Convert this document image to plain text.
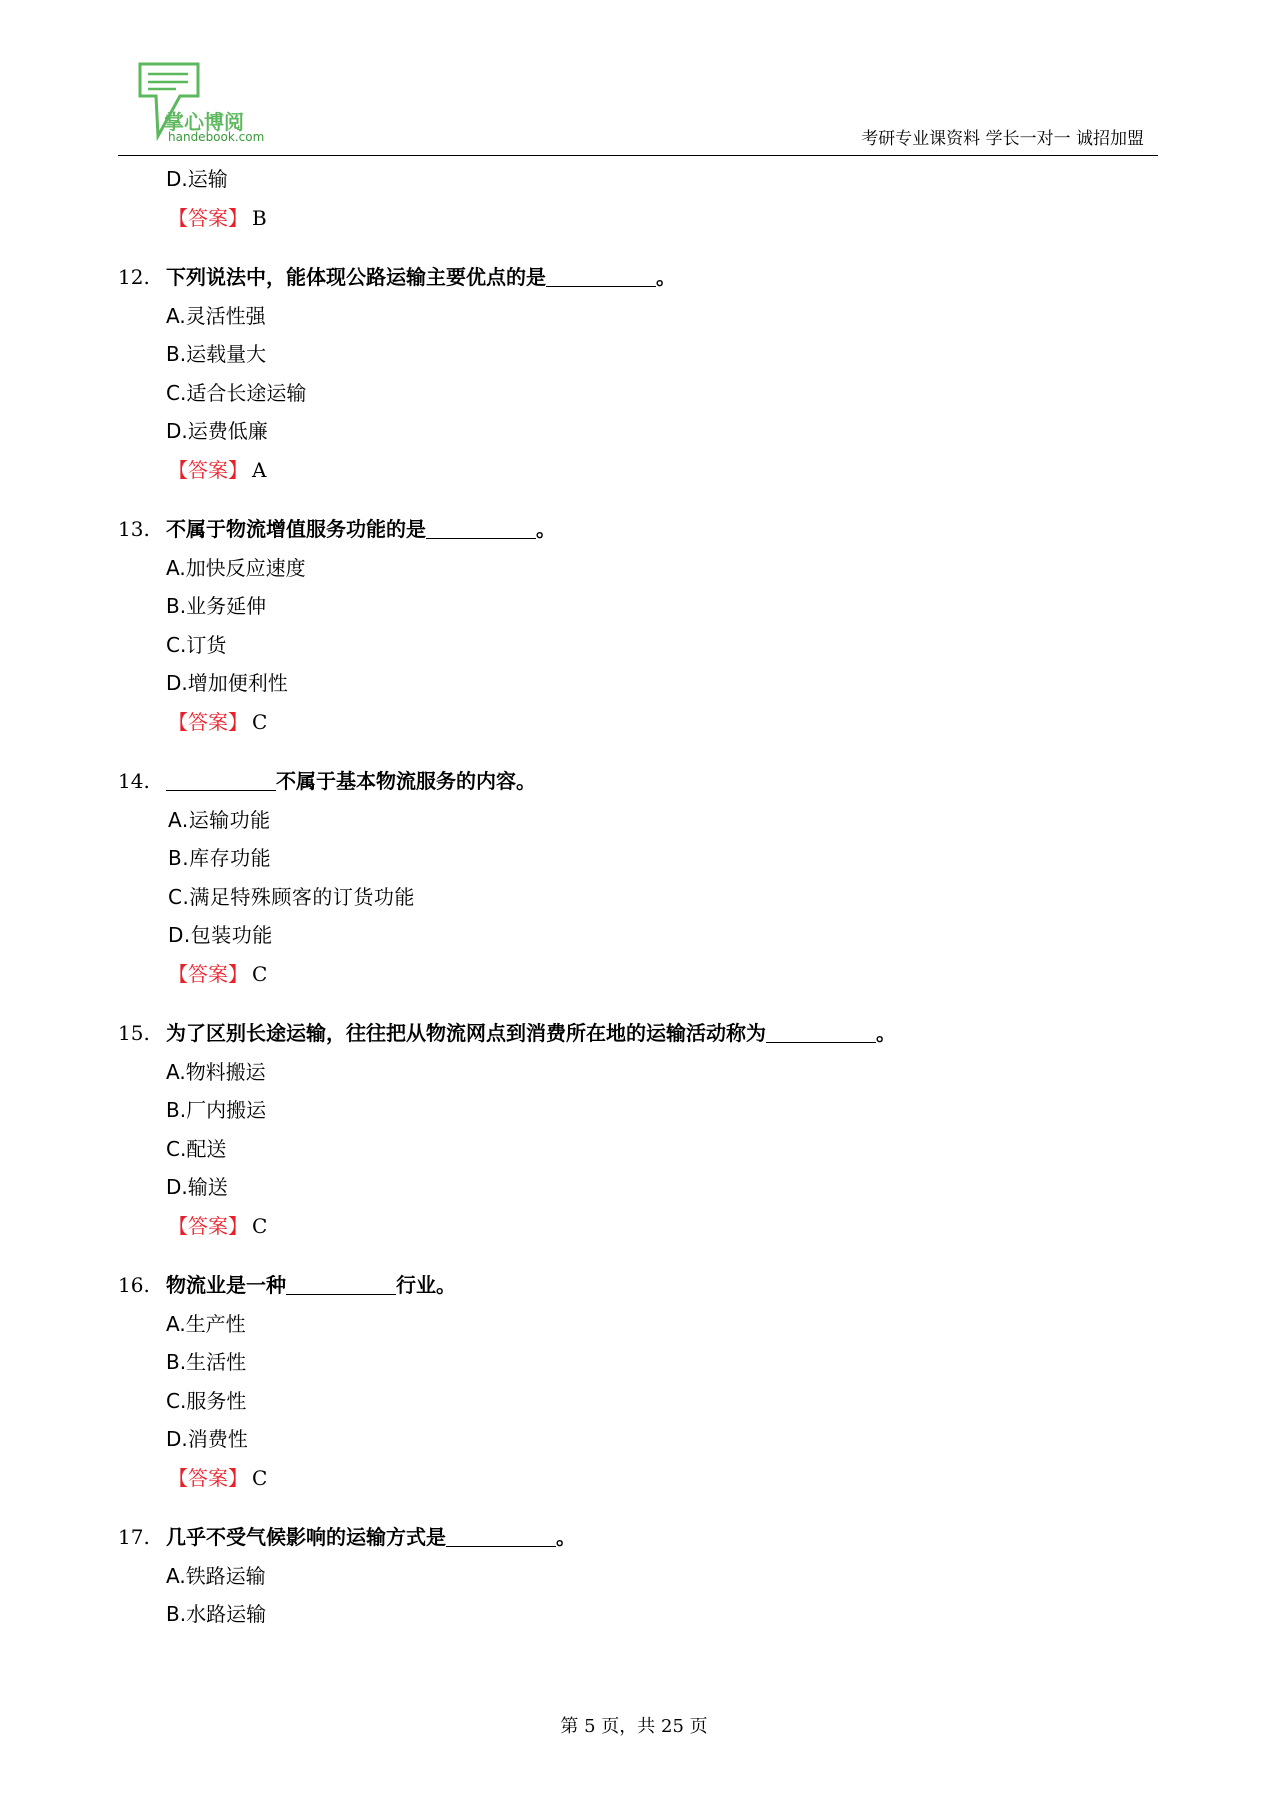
掌心博阅
handebook.com	考研专业课资料 学长一对一 诚招加盟
D.运输
【答案】 B
12. 下列说法中，能体现公路运输主要优点的是	。
A.灵活性强
B.运载量大
C.适合长途运输
D.运费低廉
【答案】 A
13. 不属于物流增值服务功能的是	。
A.加快反应速度
B.业务延伸
C.订货
D.增加便利性
【答案】 C
14.	不属于基本物流服务的内容。
A.运输功能
B.库存功能
C.满足特殊顾客的订货功能
D.包装功能
【答案】 C
15. 为了区别长途运输，往往把从物流网点到消费所在地的运输活动称为	。
A.物料搬运
B.厂内搬运
C.配送
D.输送
【答案】 C
16. 物流业是一种	行业。
A.生产性
B.生活性
C.服务性
D.消费性
【答案】 C
17. 几乎不受气候影响的运输方式是	。
A.铁路运输
B.水路运输
第 5 页，共 25 页
